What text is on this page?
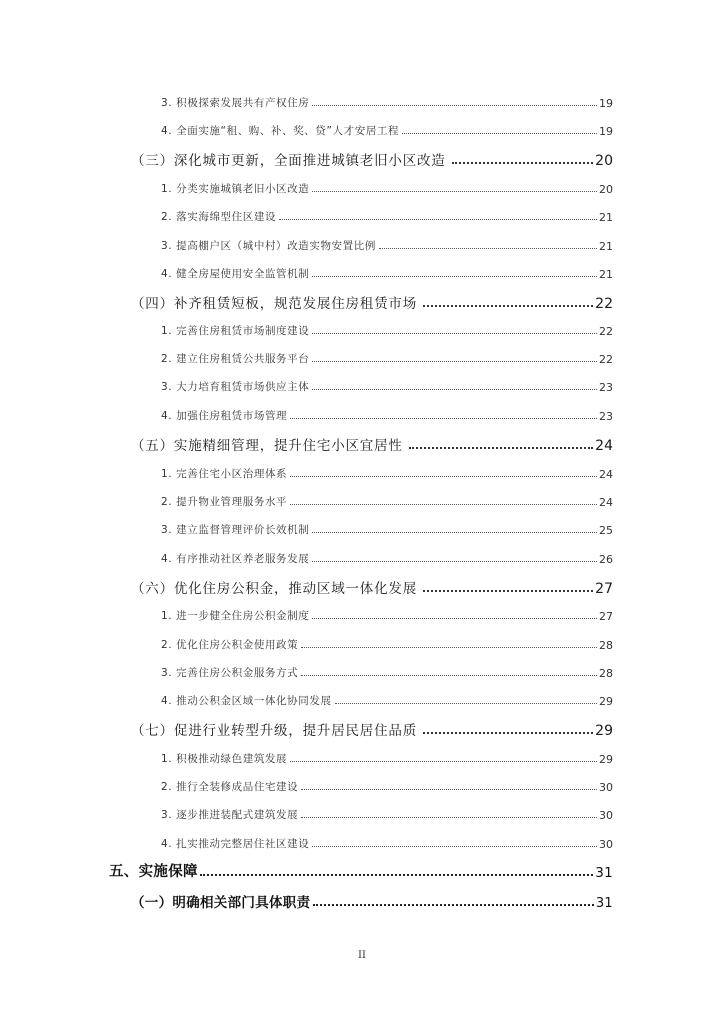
3. 积极探索发展共有产权住房	19
4. 全面实施“租、购、补、奖、贷”人才安居工程	19
（三）深化城市更新，全面推进城镇老旧小区改造	20
1. 分类实施城镇老旧小区改造	20
2. 落实海绵型住区建设	21
3. 提高棚户区（城中村）改造实物安置比例	21
4. 健全房屋使用安全监管机制	21
（四）补齐租赁短板，规范发展住房租赁市场	22
1. 完善住房租赁市场制度建设	22
2. 建立住房租赁公共服务平台	22
3. 大力培育租赁市场供应主体	23
4. 加强住房租赁市场管理	23
（五）实施精细管理，提升住宅小区宜居性	24
1. 完善住宅小区治理体系	24
2. 提升物业管理服务水平	24
3. 建立监督管理评价长效机制	25
4. 有序推动社区养老服务发展	26
（六）优化住房公积金，推动区域一体化发展	27
1. 进一步健全住房公积金制度	27
2. 优化住房公积金使用政策	28
3. 完善住房公积金服务方式	28
4. 推动公积金区域一体化协同发展	29
（七）促进行业转型升级，提升居民居住品质	29
1. 积极推动绿色建筑发展	29
2. 推行全装修成品住宅建设	30
3. 逐步推进装配式建筑发展	30
4. 扎实推动完整居住社区建设	30
五、实施保障	31
（一）明确相关部门具体职责	31
II
